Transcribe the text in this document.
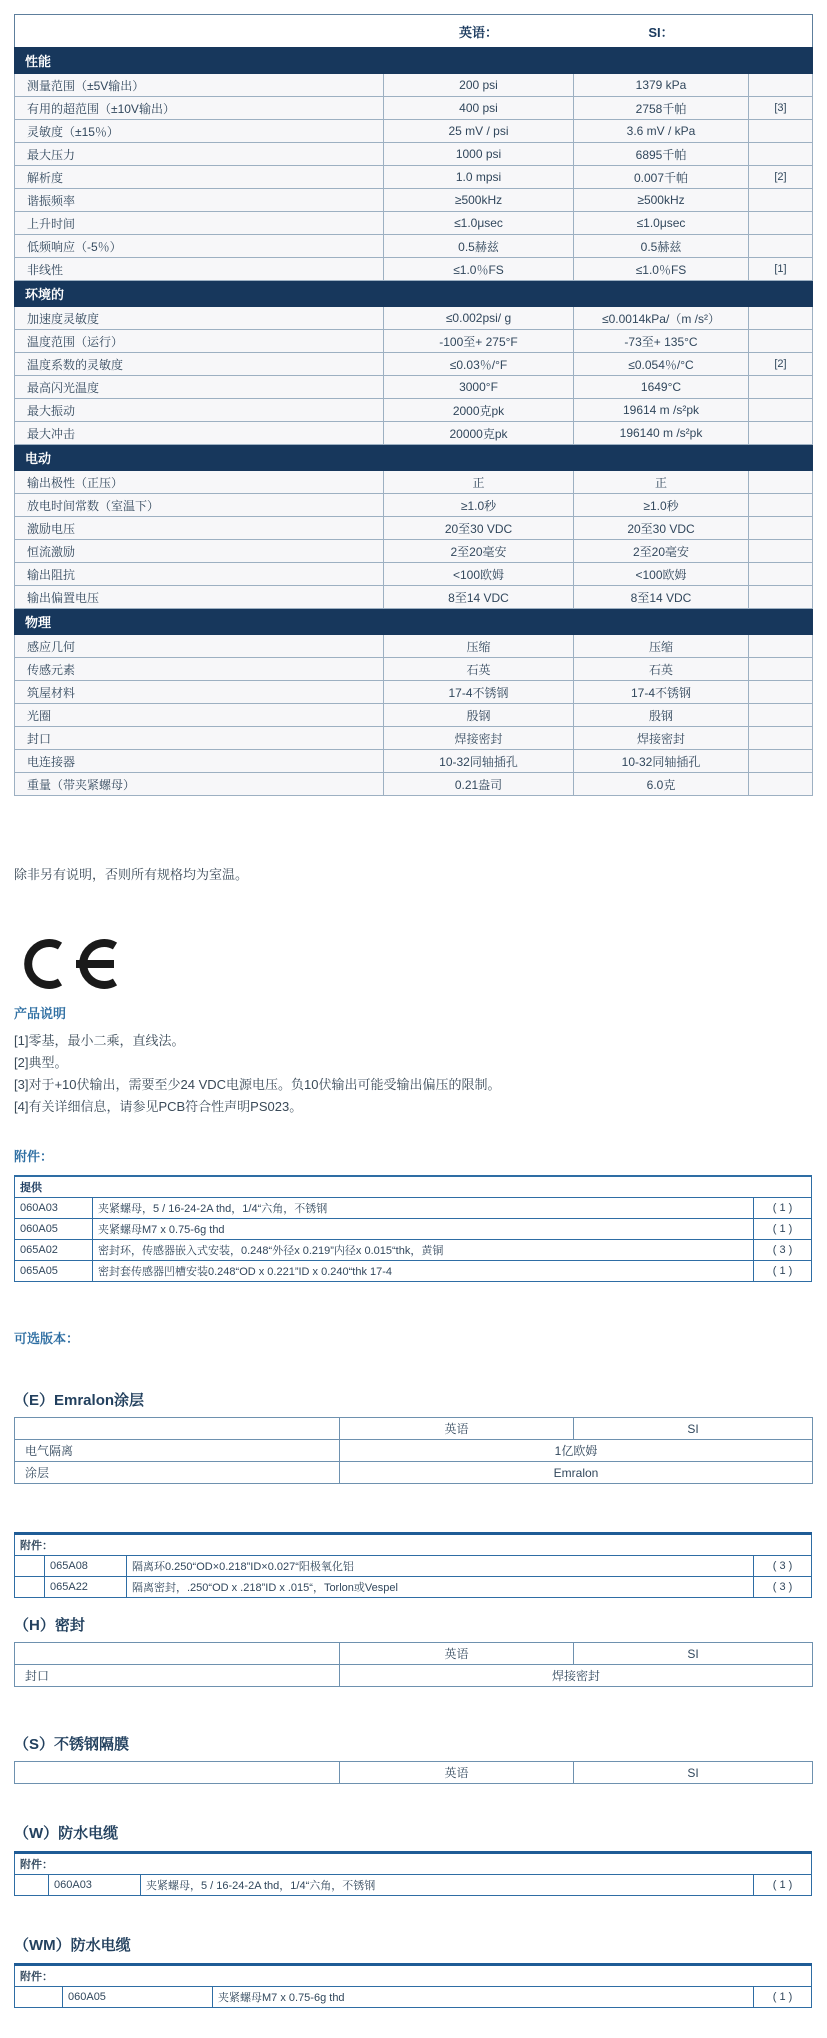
	英语：	SI：	
性能			
测量范围（±5V输出）	200 psi	1379 kPa	
有用的超范围（±10V输出）	400 psi	2758千帕	[3]
灵敏度（±15％）	25 mV / psi	3.6 mV / kPa	
最大压力	1000 psi	6895千帕	
解析度	1.0 mpsi	0.007千帕	[2]
谐振频率	≥500kHz	≥500kHz	
上升时间	≤1.0μsec	≤1.0μsec	
低频响应（-5％）	0.5赫兹	0.5赫兹	
非线性	≤1.0％FS	≤1.0％FS	[1]
环境的			
加速度灵敏度	≤0.002psi/ g	≤0.0014kPa/（m /s²）	
温度范围（运行）	-100至+ 275°F	-73至+ 135°C	
温度系数的灵敏度	≤0.03％/°F	≤0.054％/°C	[2]
最高闪光温度	3000°F	1649°C	
最大振动	2000克pk	19614 m /s²pk	
最大冲击	20000克pk	196140 m /s²pk	
电动			
输出极性（正压）	正	正	
放电时间常数（室温下）	≥1.0秒	≥1.0秒	
激励电压	20至30 VDC	20至30 VDC	
恒流激励	2至20毫安	2至20毫安	
输出阻抗	<100欧姆	<100欧姆	
输出偏置电压	8至14 VDC	8至14 VDC	
物理			
感应几何	压缩	压缩	
传感元素	石英	石英	
筑屋材料	17-4不锈钢	17-4不锈钢	
光圈	殷钢	殷钢	
封口	焊接密封	焊接密封	
电连接器	10-32同轴插孔	10-32同轴插孔	
重量（带夹紧螺母）	0.21盎司	6.0克	
除非另有说明，否则所有规格均为室温。
产品说明
[1]零基，最小二乘，直线法。
[2]典型。
[3]对于+10伏输出，需要至少24 VDC电源电压。负10伏输出可能受输出偏压的限制。
[4]有关详细信息，请参见PCB符合性声明PS023。
附件：
提供		
060A03	夹紧螺母，5 / 16-24-2A thd，1/4“六角，不锈钢	( 1 )
060A05	夹紧螺母M7 x 0.75-6g thd	( 1 )
065A02	密封环，传感器嵌入式安装，0.248“外径x 0.219”内径x 0.015“thk，黄铜	( 3 )
065A05	密封套传感器凹槽安装0.248“OD x 0.221”ID x 0.240“thk 17-4	( 1 )
可选版本：
（E）Emralon涂层
	英语	SI
电气隔离	1亿欧姆	
涂层	Emralon	
附件：			
	065A08	隔离环0.250“OD×0.218”ID×0.027“阳极氧化铝	( 3 )
	065A22	隔离密封，.250“OD x .218”ID x .015“，Torlon或Vespel	( 3 )
（H）密封
	英语	SI
封口	焊接密封	
（S）不锈钢隔膜
	英语	SI
（W）防水电缆
附件：
	060A03	夹紧螺母，5 / 16-24-2A thd，1/4“六角，不锈钢	( 1 )
（WM）防水电缆
附件：
	060A05	夹紧螺母M7 x 0.75-6g thd	( 1 )
